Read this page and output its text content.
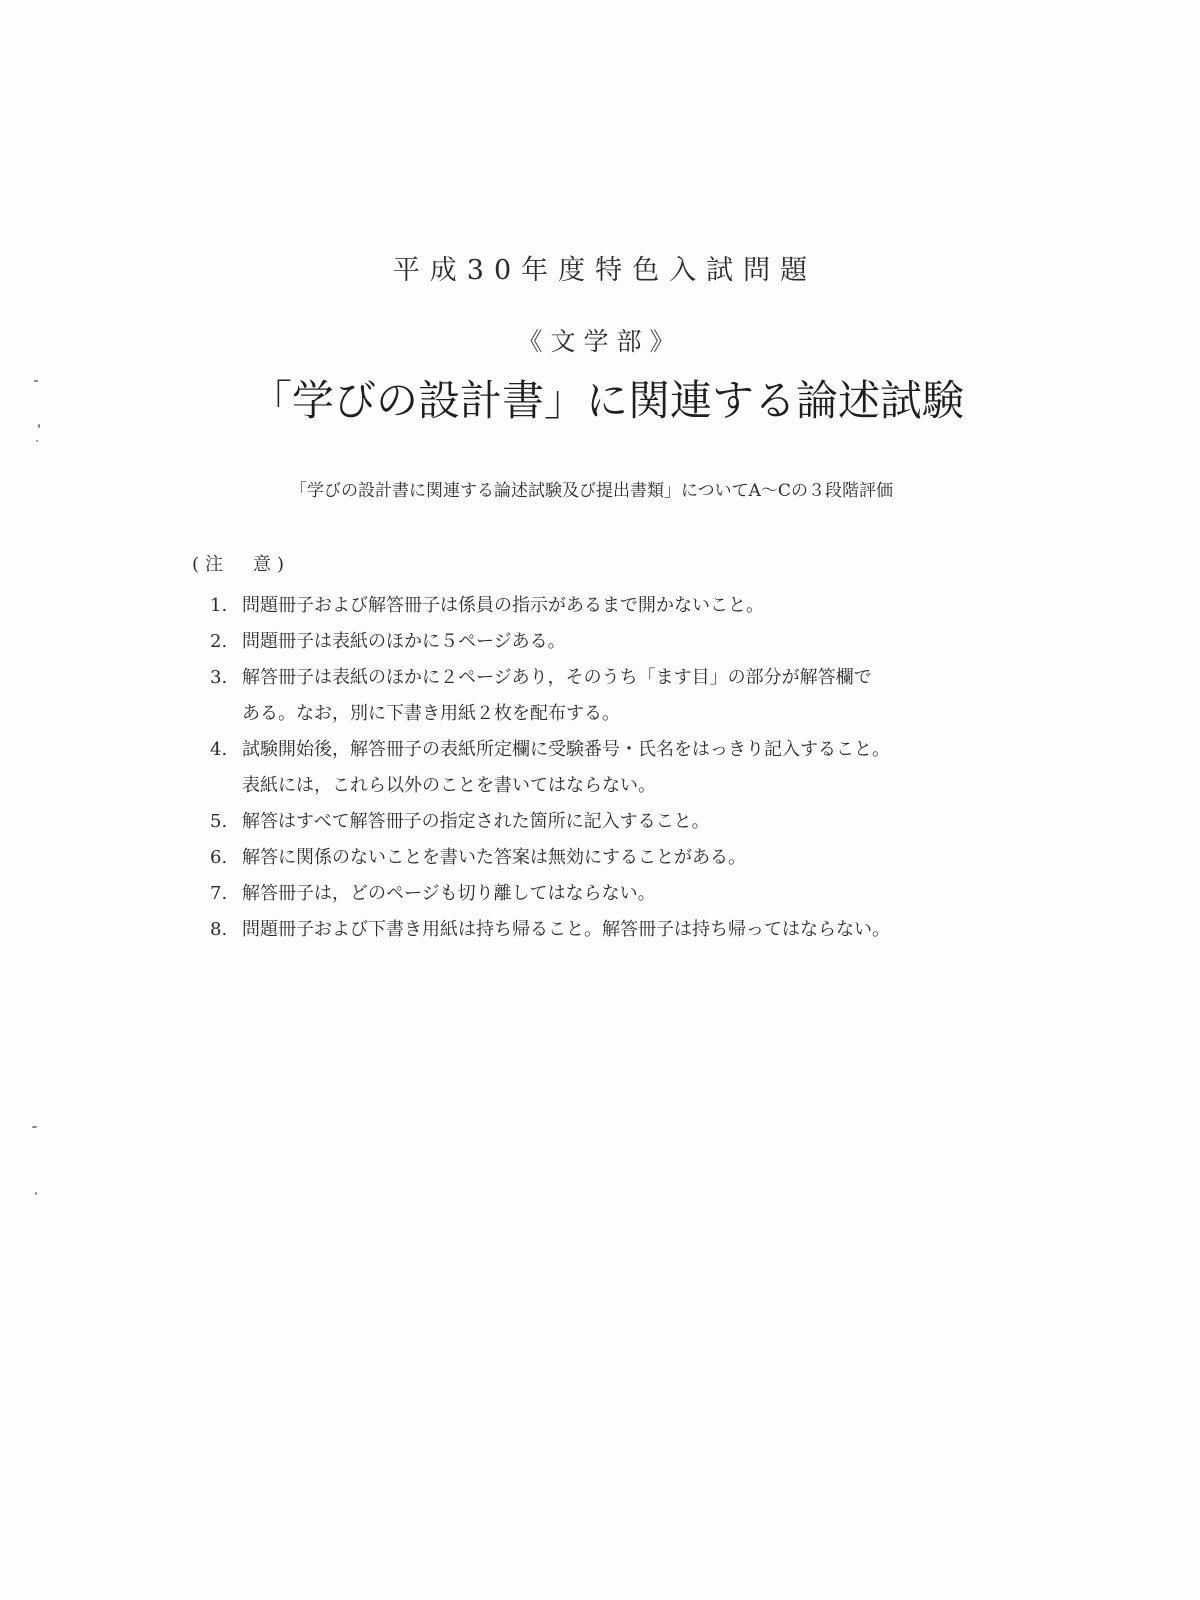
平成30年度特色入試問題
《文学部》
「学びの設計書」に関連する論述試験
「学びの設計書に関連する論述試験及び提出書類」についてA～Cの３段階評価
(注　意)
1. 問題冊子および解答冊子は係員の指示があるまで開かないこと。
2. 問題冊子は表紙のほかに５ページある。
3. 解答冊子は表紙のほかに２ページあり，そのうち「ます目」の部分が解答欄で
ある。なお，別に下書き用紙２枚を配布する。
4. 試験開始後，解答冊子の表紙所定欄に受験番号・氏名をはっきり記入すること。
表紙には，これら以外のことを書いてはならない。
5. 解答はすべて解答冊子の指定された箇所に記入すること。
6. 解答に関係のないことを書いた答案は無効にすることがある。
7. 解答冊子は，どのページも切り離してはならない。
8. 問題冊子および下書き用紙は持ち帰ること。解答冊子は持ち帰ってはならない。
